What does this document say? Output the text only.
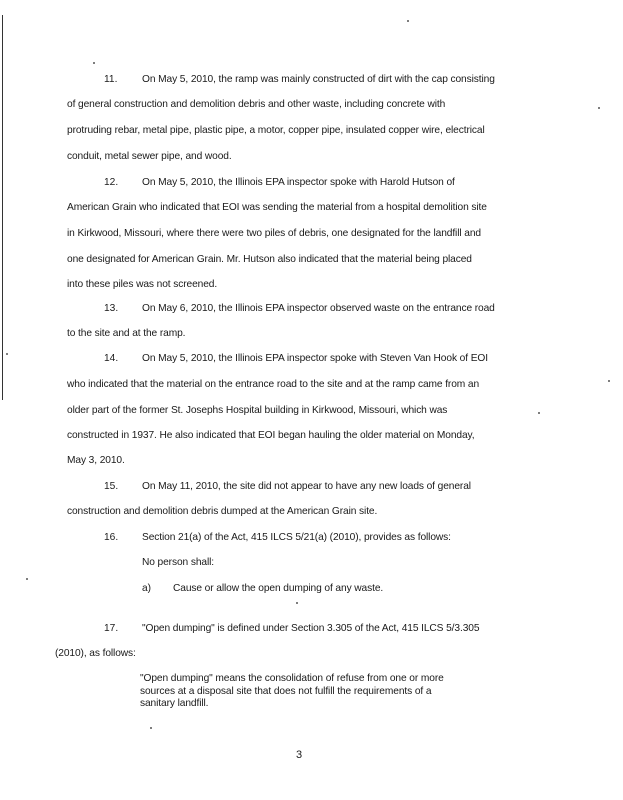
11. On May 5, 2010, the ramp was mainly constructed of dirt with the cap consisting
of general construction and demolition debris and other waste, including concrete with
protruding rebar, metal pipe, plastic pipe, a motor, copper pipe, insulated copper wire, electrical
conduit, metal sewer pipe, and wood.
12. On May 5, 2010, the Illinois EPA inspector spoke with Harold Hutson of
American Grain who indicated that EOI was sending the material from a hospital demolition site
in Kirkwood, Missouri, where there were two piles of debris, one designated for the landfill and
one designated for American Grain. Mr. Hutson also indicated that the material being placed
into these piles was not screened.
13. On May 6, 2010, the Illinois EPA inspector observed waste on the entrance road
to the site and at the ramp.
14. On May 5, 2010, the Illinois EPA inspector spoke with Steven Van Hook of EOI
who indicated that the material on the entrance road to the site and at the ramp came from an
older part of the former St. Josephs Hospital building in Kirkwood, Missouri, which was
constructed in 1937. He also indicated that EOI began hauling the older material on Monday,
May 3, 2010.
15. On May 11, 2010, the site did not appear to have any new loads of general
construction and demolition debris dumped at the American Grain site.
16. Section 21(a) of the Act, 415 ILCS 5/21(a) (2010), provides as follows:
No person shall:
a) Cause or allow the open dumping of any waste.
17. "Open dumping" is defined under Section 3.305 of the Act, 415 ILCS 5/3.305
(2010), as follows:
"Open dumping" means the consolidation of refuse from one or more
sources at a disposal site that does not fulfill the requirements of a
sanitary landfill.
3
